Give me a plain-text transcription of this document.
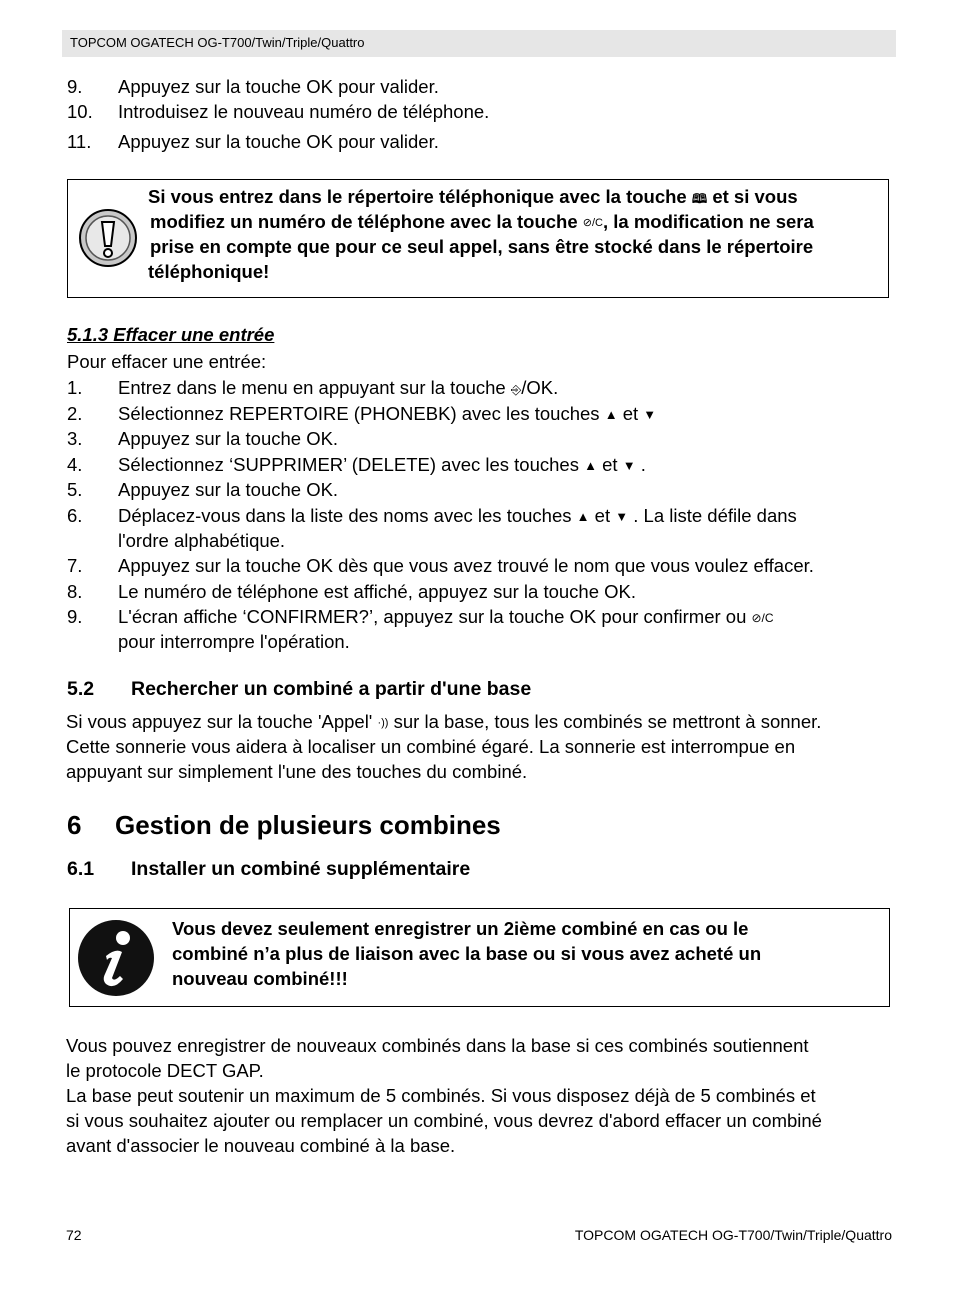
TOPCOM OGATECH OG-T700/Twin/Triple/Quattro
9. Appuyez sur la touche OK pour valider.
10. Introduisez le nouveau numéro de téléphone.
11. Appuyez sur la touche OK pour valider.
Si vous entrez dans le répertoire téléphonique avec la touche 🕮 et si vous
modifiez un numéro de téléphone avec la touche ⊘/C, la modification ne sera
prise en compte que pour ce seul appel, sans être stocké dans le répertoire
téléphonique!
5.1.3 Effacer une entrée
Pour effacer une entrée:
1. Entrez dans le menu en appuyant sur la touche ⎆/OK.
2. Sélectionnez REPERTOIRE (PHONEBK) avec les touches ▲ et ▼
3. Appuyez sur la touche OK.
4. Sélectionnez ‘SUPPRIMER’ (DELETE) avec les touches ▲ et ▼ .
5. Appuyez sur la touche OK.
6. Déplacez-vous dans la liste des noms avec les touches ▲ et ▼ . La liste défile dans
l'ordre alphabétique.
7. Appuyez sur la touche OK dès que vous avez trouvé le nom que vous voulez effacer.
8. Le numéro de téléphone est affiché, appuyez sur la touche OK.
9. L'écran affiche ‘CONFIRMER?’, appuyez sur la touche OK pour confirmer ou ⊘/C
pour interrompre l'opération.
5.2 Rechercher un combiné a partir d'une base
Si vous appuyez sur la touche 'Appel' ·)) sur la base, tous les combinés se mettront à sonner.
Cette sonnerie vous aidera à localiser un combiné égaré. La sonnerie est interrompue en
appuyant sur simplement l'une des touches du combiné.
6 Gestion de plusieurs combines
6.1 Installer un combiné supplémentaire
Vous devez seulement enregistrer un 2ième combiné en cas ou le
combiné n’a plus de liaison avec la base ou si vous avez acheté un
nouveau combiné!!!
Vous pouvez enregistrer de nouveaux combinés dans la base si ces combinés soutiennent
le protocole DECT GAP.
La base peut soutenir un maximum de 5 combinés. Si vous disposez déjà de 5 combinés et
si vous souhaitez ajouter ou remplacer un combiné, vous devrez d'abord effacer un combiné
avant d'associer le nouveau combiné à la base.
72	TOPCOM OGATECH OG-T700/Twin/Triple/Quattro
